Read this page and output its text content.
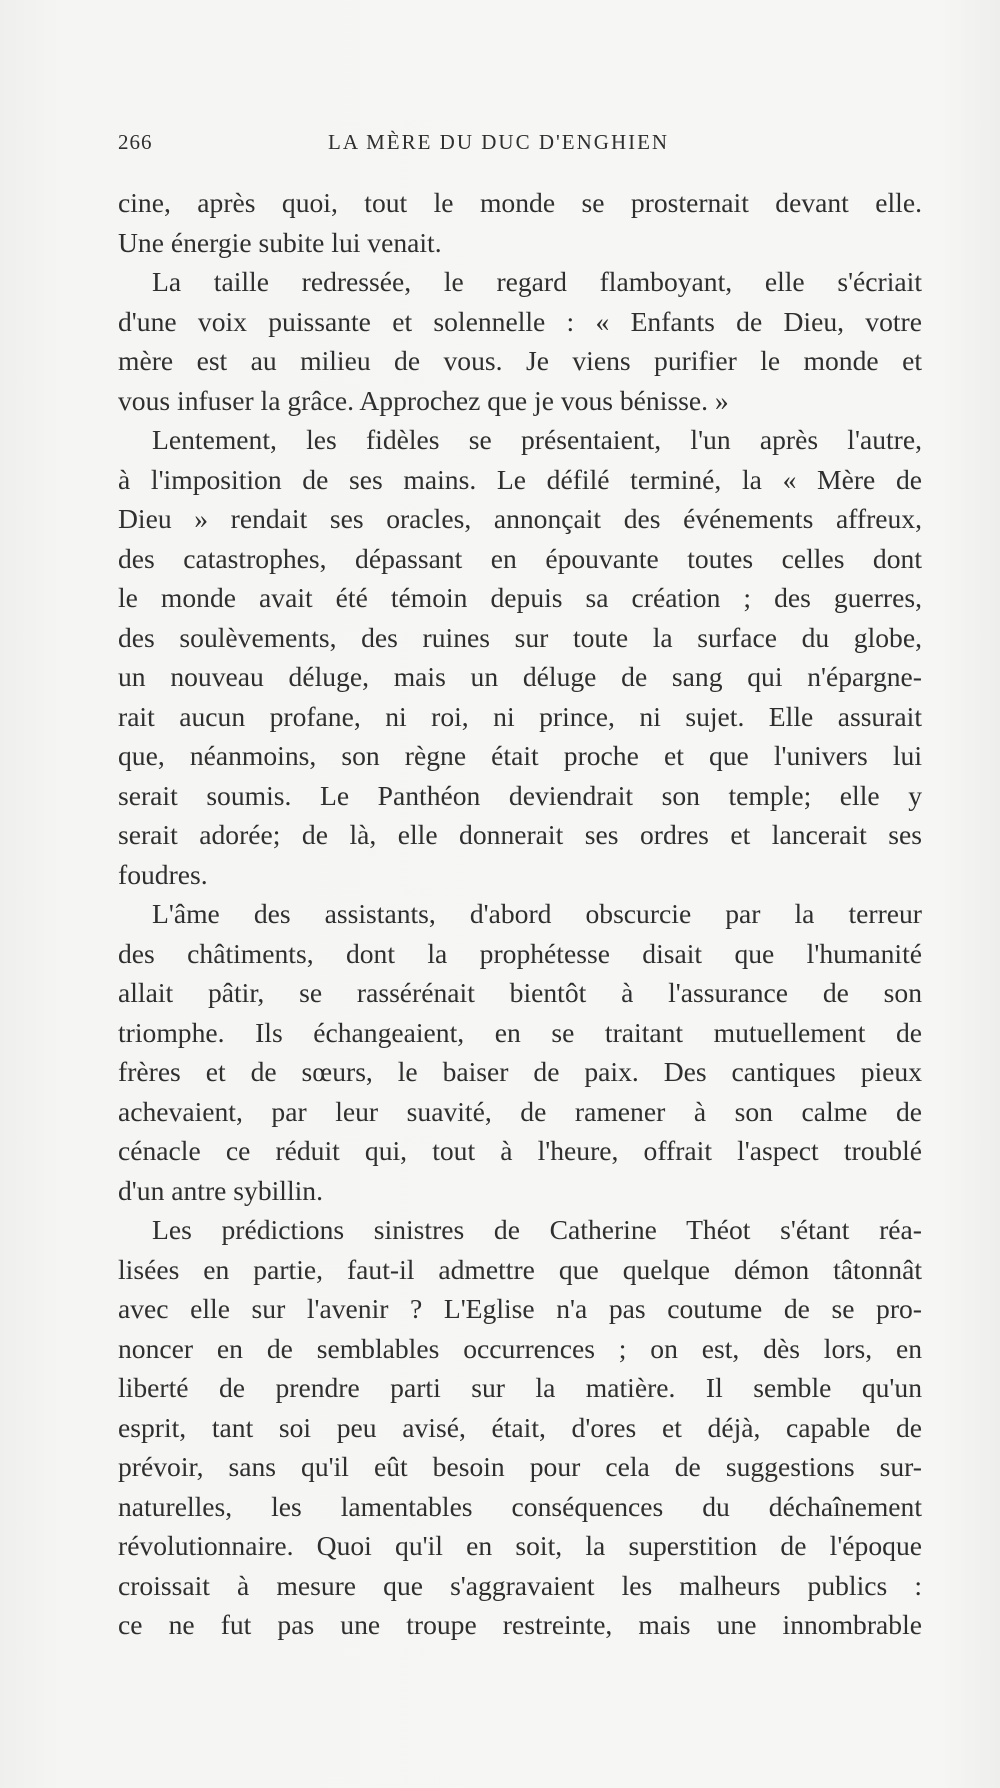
266	LA MÈRE DU DUC D'ENGHIEN
cine, après quoi, tout le monde se prosternait devant elle.
Une énergie subite lui venait.
La taille redressée, le regard flamboyant, elle s'écriait
d'une voix puissante et solennelle : « Enfants de Dieu, votre
mère est au milieu de vous. Je viens purifier le monde et
vous infuser la grâce. Approchez que je vous bénisse. »
Lentement, les fidèles se présentaient, l'un après l'autre,
à l'imposition de ses mains. Le défilé terminé, la « Mère de
Dieu » rendait ses oracles, annonçait des événements affreux,
des catastrophes, dépassant en épouvante toutes celles dont
le monde avait été témoin depuis sa création ; des guerres,
des soulèvements, des ruines sur toute la surface du globe,
un nouveau déluge, mais un déluge de sang qui n'épargne-
rait aucun profane, ni roi, ni prince, ni sujet. Elle assurait
que, néanmoins, son règne était proche et que l'univers lui
serait soumis. Le Panthéon deviendrait son temple; elle y
serait adorée; de là, elle donnerait ses ordres et lancerait ses
foudres.
L'âme des assistants, d'abord obscurcie par la terreur
des châtiments, dont la prophétesse disait que l'humanité
allait pâtir, se rassérénait bientôt à l'assurance de son
triomphe. Ils échangeaient, en se traitant mutuellement de
frères et de sœurs, le baiser de paix. Des cantiques pieux
achevaient, par leur suavité, de ramener à son calme de
cénacle ce réduit qui, tout à l'heure, offrait l'aspect troublé
d'un antre sybillin.
Les prédictions sinistres de Catherine Théot s'étant réa-
lisées en partie, faut-il admettre que quelque démon tâtonnât
avec elle sur l'avenir ? L'Eglise n'a pas coutume de se pro-
noncer en de semblables occurrences ; on est, dès lors, en
liberté de prendre parti sur la matière. Il semble qu'un
esprit, tant soi peu avisé, était, d'ores et déjà, capable de
prévoir, sans qu'il eût besoin pour cela de suggestions sur-
naturelles, les lamentables conséquences du déchaînement
révolutionnaire. Quoi qu'il en soit, la superstition de l'époque
croissait à mesure que s'aggravaient les malheurs publics :
ce ne fut pas une troupe restreinte, mais une innombrable
